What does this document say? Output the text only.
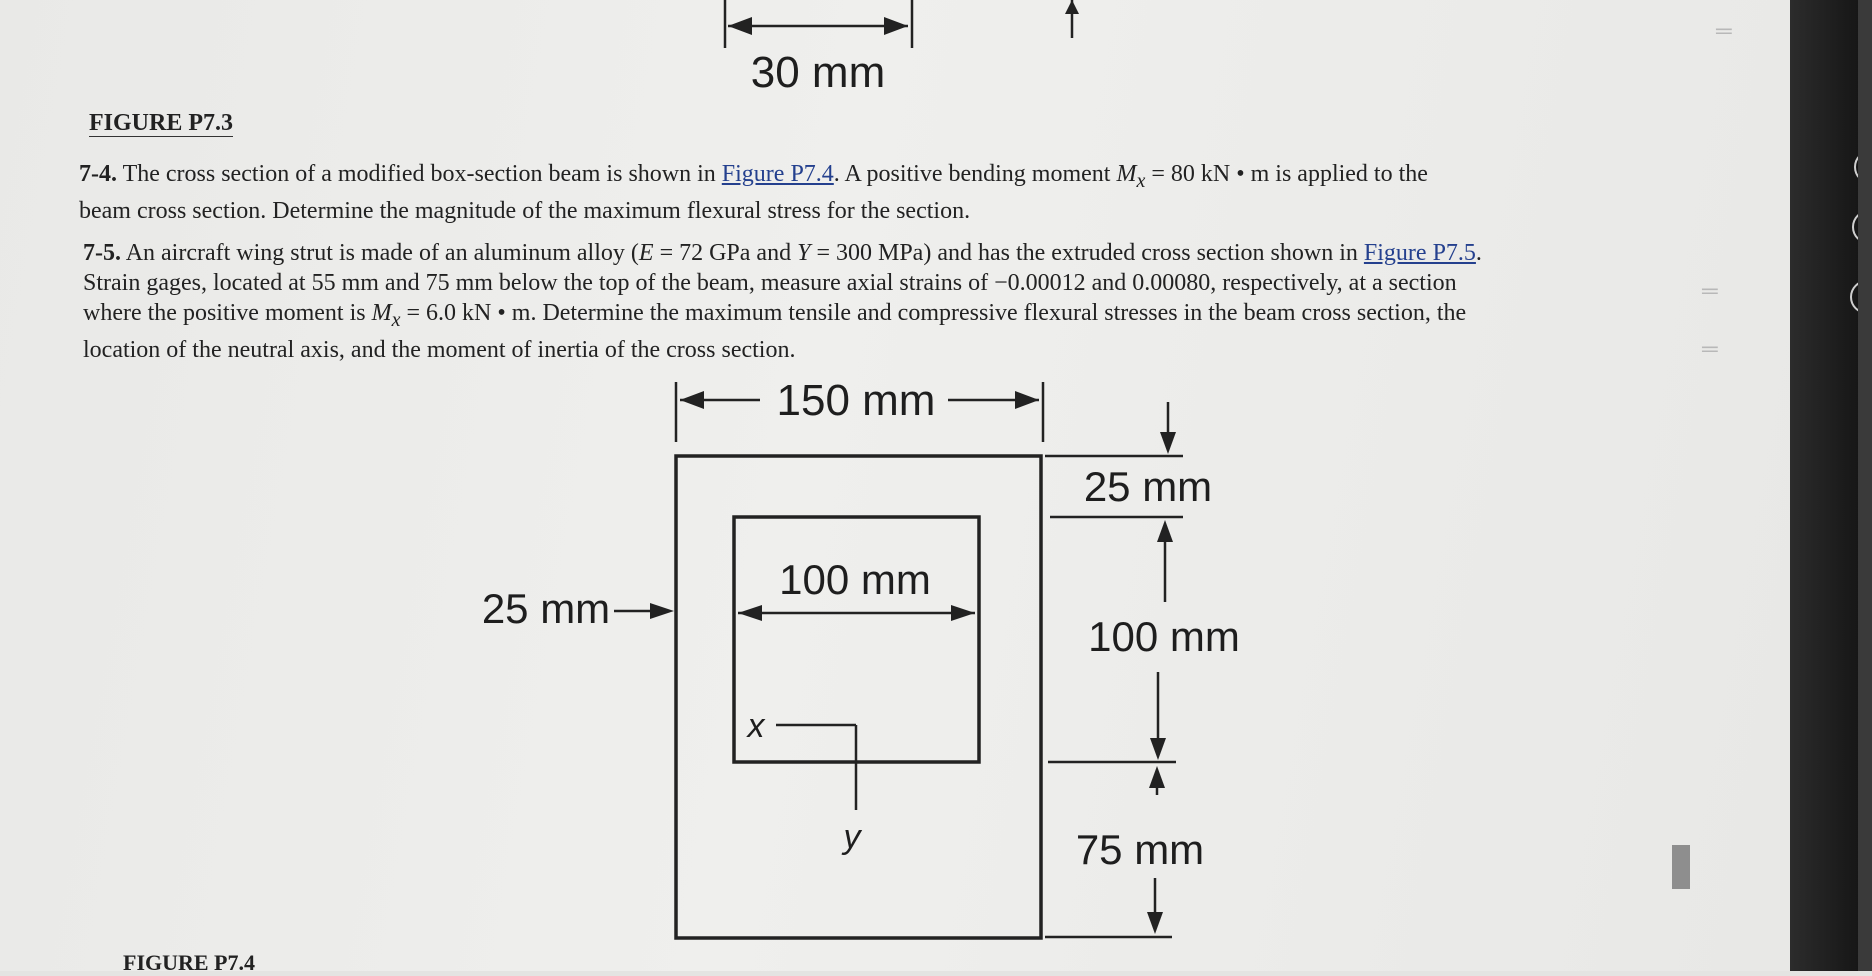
30 mm
FIGURE P7.3
7-4. The cross section of a modified box-section beam is shown in Figure P7.4. A positive bending moment $M_x = 80$ kN • m is applied to the
beam cross section. Determine the magnitude of the maximum flexural stress for the section.
7-5. An aircraft wing strut is made of an aluminum alloy (E = 72 GPa and Y = 300 MPa) and has the extruded cross section shown in Figure P7.5.
Strain gages, located at 55 mm and 75 mm below the top of the beam, measure axial strains of −0.00012 and 0.00080, respectively, at a section
where the positive moment is $M_x = 6.0$ kN • m. Determine the maximum tensile and compressive flexural stresses in the beam cross section, the
location of the neutral axis, and the moment of inertia of the cross section.
150 mm
25 mm
100 mm
x
y
25 mm
100 mm
75 mm
FIGURE P7.4
═
═
═
